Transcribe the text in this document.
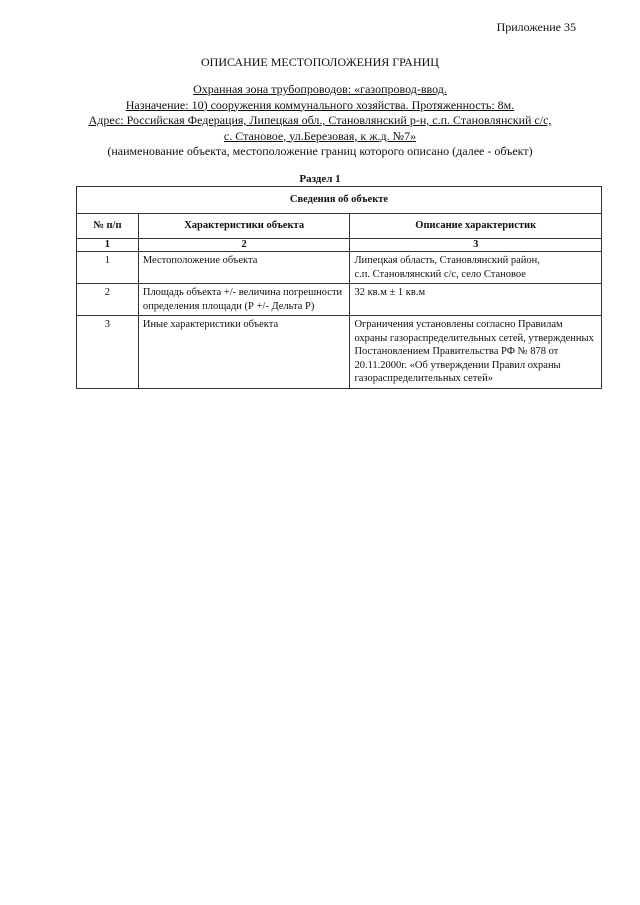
Приложение 35
ОПИСАНИЕ МЕСТОПОЛОЖЕНИЯ ГРАНИЦ
Охранная зона трубопроводов: «газопровод-ввод.
Назначение: 10) сооружения коммунального хозяйства. Протяженность: 8м.
Адрес: Российская Федерация, Липецкая обл., Становлянский р-н, с.п. Становлянский с/с,
с. Становое, ул.Березовая, к ж.д. №7»
(наименование объекта, местоположение границ которого описано (далее - объект)
Раздел 1
Сведения об объекте		
№ п/п	Характеристики объекта	Описание характеристик
1	2	3
1	Местоположение объекта	Липецкая область, Становлянский район,
с.п. Становлянский с/с, село Становое
2	Площадь объекта +/- величина погрешности определения площади (Р +/- Дельта Р)	32 кв.м ± 1 кв.м
3	Иные характеристики объекта	Ограничения установлены согласно Правилам охраны газораспределительных сетей, утвержденных Постановлением Правительства РФ № 878 от 20.11.2000г. «Об утверждении Правил охраны газораспределительных сетей»
